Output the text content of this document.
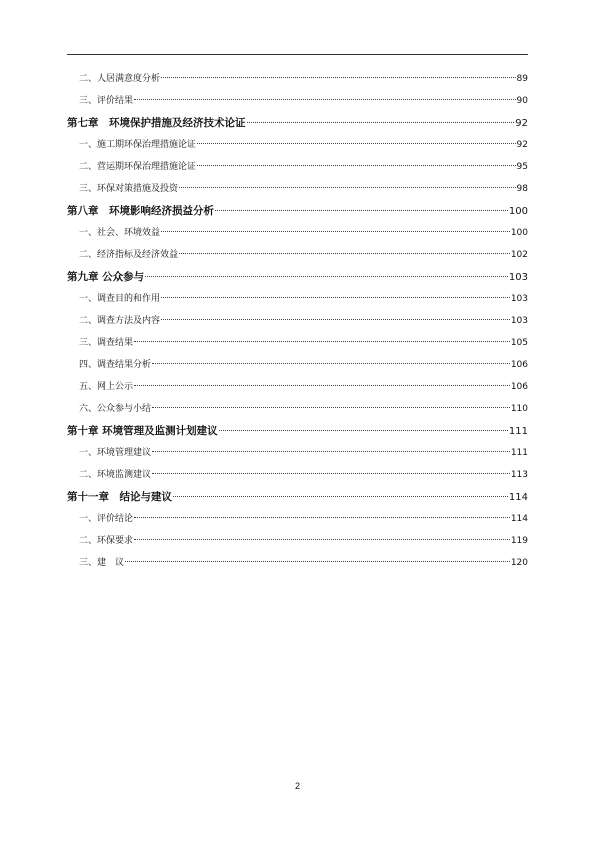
二、人居满意度分析	89
三、评价结果	90
第七章　环境保护措施及经济技术论证	92
一、施工期环保治理措施论证	92
二、营运期环保治理措施论证	95
三、环保对策措施及投资	98
第八章　环境影响经济损益分析	100
一、社会、环境效益	100
二、经济指标及经济效益	102
第九章 公众参与	103
一、调查目的和作用	103
二、调查方法及内容	103
三、调查结果	105
四、调查结果分析	106
五、网上公示	106
六、公众参与小结	110
第十章 环境管理及监测计划建议	111
一、环境管理建议	111
二、环境监测建议	113
第十一章　结论与建议	114
一、评价结论	114
二、环保要求	119
三、建　议	120
2
